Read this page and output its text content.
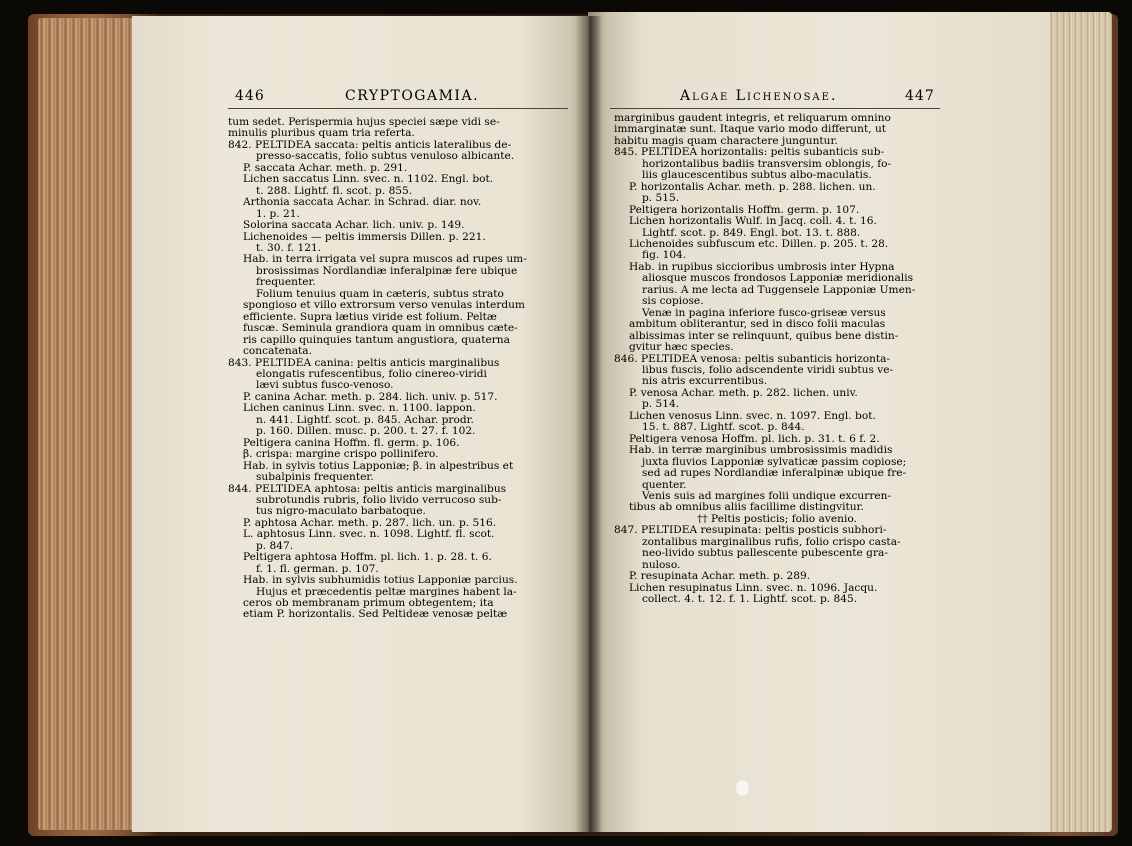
446	CRYPTOGAMIA.	Algae Lichenosae.	447

tum sedet. Perispermia hujus speciei sæpe vidi se-

minulis pluribus quam tria referta.

842. PELTIDEA saccata: peltis anticis lateralibus de-

presso-saccatis, folio subtus venuloso albicante.

P. saccata Achar. meth. p. 291.

Lichen saccatus Linn. svec. n. 1102. Engl. bot.

t. 288. Lightf. fl. scot. p. 855.

Arthonia saccata Achar. in Schrad. diar. nov.

1. p. 21.

Solorina saccata Achar. lich. univ. p. 149.

Lichenoides — peltis immersis Dillen. p. 221.

t. 30. f. 121.

Hab. in terra irrigata vel supra muscos ad rupes um-

brosissimas Nordlandiæ inferalpinæ fere ubique

frequenter.

Folium tenuius quam in cæteris, subtus strato

spongioso et villo extrorsum verso venulas interdum

efficiente. Supra lætius viride est folium. Peltæ

fuscæ. Seminula grandiora quam in omnibus cæte-

ris capillo quinquies tantum angustiora, quaterna

concatenata.

843. PELTIDEA canina: peltis anticis marginalibus

elongatis rufescentibus, folio cinereo-viridi

lævi subtus fusco-venoso.

P. canina Achar. meth. p. 284. lich. univ. p. 517.

Lichen caninus Linn. svec. n. 1100. lappon.

n. 441. Lightf. scot. p. 845. Achar. prodr.

p. 160. Dillen. musc. p. 200. t. 27. f. 102.

Peltigera canina Hoffm. fl. germ. p. 106.

β. crispa: margine crispo pollinifero.

Hab. in sylvis totius Lapponiæ; β. in alpestribus et

subalpinis frequenter.

844. PELTIDEA aphtosa: peltis anticis marginalibus

subrotundis rubris, folio livido verrucoso sub-

tus nigro-maculato barbatoque.

P. aphtosa Achar. meth. p. 287. lich. un. p. 516.

L. aphtosus Linn. svec. n. 1098. Lightf. fl. scot.

p. 847.

Peltigera aphtosa Hoffm. pl. lich. 1. p. 28. t. 6.

f. 1. fl. german. p. 107.

Hab. in sylvis subhumidis totius Lapponiæ parcius.

Hujus et præcedentis peltæ margines habent la-

ceros ob membranam primum obtegentem; ita

etiam P. horizontalis. Sed Peltideæ venosæ peltæ

marginibus gaudent integris, et reliquarum omnino

immarginatæ sunt. Itaque vario modo differunt, ut

habitu magis quam charactere junguntur.

845. PELTIDEA horizontalis: peltis subanticis sub-

horizontalibus badiis transversim oblongis, fo-

liis glaucescentibus subtus albo-maculatis.

P. horizontalis Achar. meth. p. 288. lichen. un.

p. 515.

Peltigera horizontalis Hoffm. germ. p. 107.

Lichen horizontalis Wulf. in Jacq. coll. 4. t. 16.

Lightf. scot. p. 849. Engl. bot. 13. t. 888.

Lichenoides subfuscum etc. Dillen. p. 205. t. 28.

fig. 104.

Hab. in rupibus siccioribus umbrosis inter Hypna

aliosque muscos frondosos Lapponiæ meridionalis

rarius. A me lecta ad Tuggensele Lapponiæ Umen-

sis copiose.

Venæ in pagina inferiore fusco-griseæ versus

ambitum obliterantur, sed in disco folii maculas

albissimas inter se relinquunt, quibus bene distin-

gvitur hæc species.

846. PELTIDEA venosa: peltis subanticis horizonta-

libus fuscis, folio adscendente viridi subtus ve-

nis atris excurrentibus.

P. venosa Achar. meth. p. 282. lichen. univ.

p. 514.

Lichen venosus Linn. svec. n. 1097. Engl. bot.

15. t. 887. Lightf. scot. p. 844.

Peltigera venosa Hoffm. pl. lich. p. 31. t. 6 f. 2.

Hab. in terræ marginibus umbrosissimis madidis

juxta fluvios Lapponiæ sylvaticæ passim copiose;

sed ad rupes Nordlandiæ inferalpinæ ubique fre-

quenter.

Venis suis ad margines folii undique excurren-

tibus ab omnibus aliis facillime distingvitur.

†† Peltis posticis; folio avenio.

847. PELTIDEA resupinata: peltis posticis subhori-

zontalibus marginalibus rufis, folio crispo casta-

neo-livido subtus pallescente pubescente gra-

nuloso.

P. resupinata Achar. meth. p. 289.

Lichen resupinatus Linn. svec. n. 1096. Jacqu.

collect. 4. t. 12. f. 1. Lightf. scot. p. 845.
